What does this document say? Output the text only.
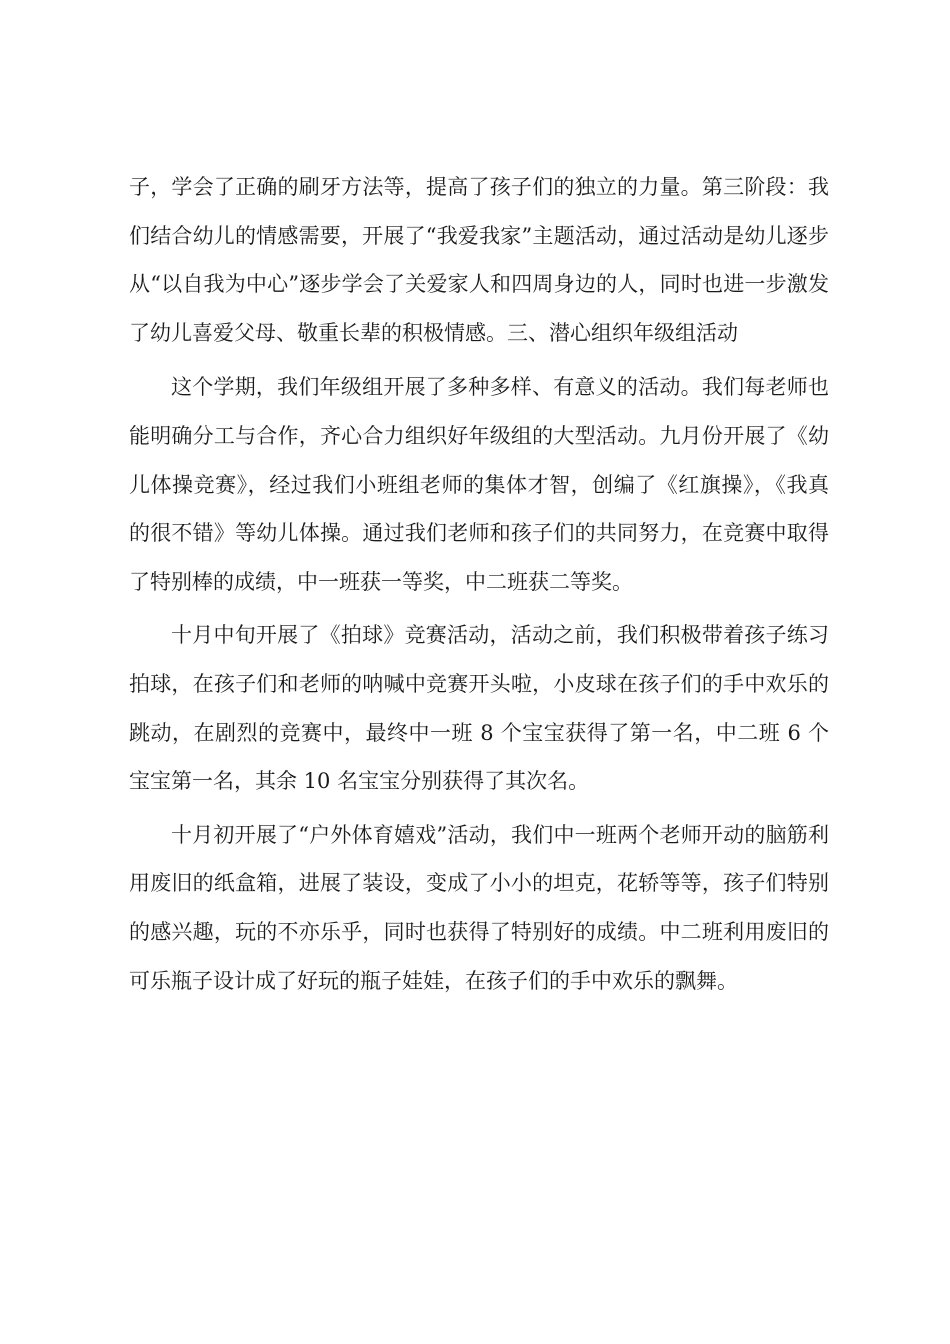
子，学会了正确的刷牙方法等，提高了孩子们的独立的力量。第三阶段：我们结合幼儿的情感需要，开展了“我爱我家”主题活动，通过活动是幼儿逐步从“以自我为中心”逐步学会了关爱家人和四周身边的人，同时也进一步激发了幼儿喜爱父母、敬重长辈的积极情感。三、潜心组织年级组活动

这个学期，我们年级组开展了多种多样、有意义的活动。我们每老师也能明确分工与合作，齐心合力组织好年级组的大型活动。九月份开展了《幼儿体操竞赛》，经过我们小班组老师的集体才智，创编了《红旗操》，《我真的很不错》等幼儿体操。通过我们老师和孩子们的共同努力，在竞赛中取得了特别棒的成绩，中一班获一等奖，中二班获二等奖。

十月中旬开展了《拍球》竞赛活动，活动之前，我们积极带着孩子练习拍球，在孩子们和老师的呐喊中竞赛开头啦，小皮球在孩子们的手中欢乐的跳动，在剧烈的竞赛中，最终中一班 8 个宝宝获得了第一名，中二班 6 个宝宝第一名，其余 10 名宝宝分别获得了其次名。

十月初开展了“户外体育嬉戏”活动，我们中一班两个老师开动的脑筋利用废旧的纸盒箱，进展了装设，变成了小小的坦克，花轿等等，孩子们特别的感兴趣，玩的不亦乐乎，同时也获得了特别好的成绩。中二班利用废旧的可乐瓶子设计成了好玩的瓶子娃娃，在孩子们的手中欢乐的飘舞。
